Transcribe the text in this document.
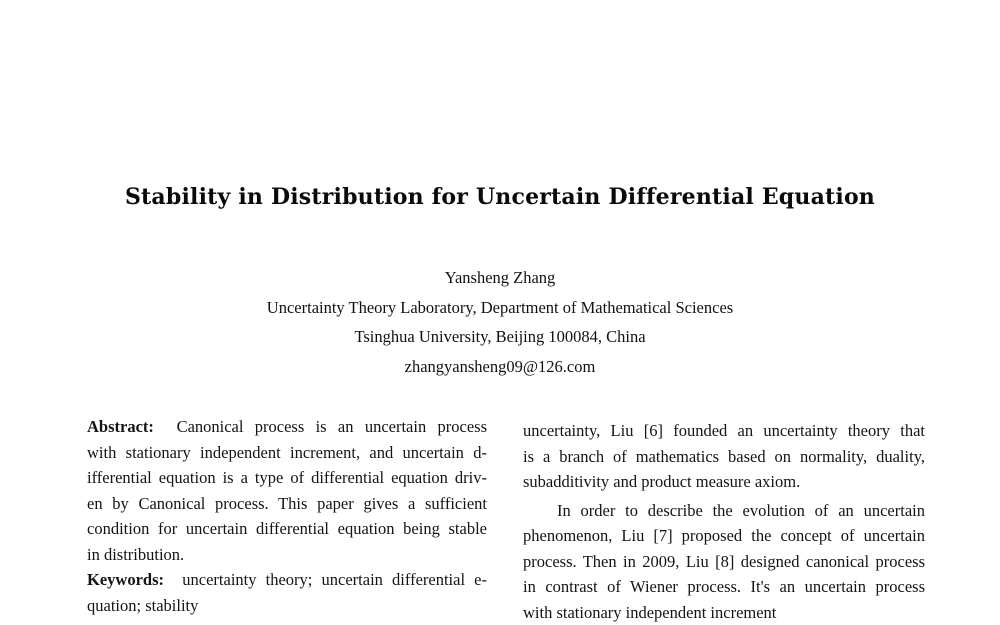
Stability in Distribution for Uncertain Differential Equation
Yansheng Zhang
Uncertainty Theory Laboratory, Department of Mathematical Sciences
Tsinghua University, Beijing 100084, China
zhangyansheng09@126.com
Abstract: Canonical process is an uncertain process
with stationary independent increment, and uncertain d-
ifferential equation is a type of differential equation driv-
en by Canonical process. This paper gives a sufficient
condition for uncertain differential equation being stable
in distribution.
Keywords: uncertainty theory; uncertain differential e-
quation; stability
uncertainty, Liu [6] founded an uncertainty theory that
is a branch of mathematics based on normality, duality,
subadditivity and product measure axiom.
In order to describe the evolution of an uncertain
phenomenon, Liu [7] proposed the concept of uncertain
process. Then in 2009, Liu [8] designed canonical process
in contrast of Wiener process. It's an uncertain process
with stationary independent increment
